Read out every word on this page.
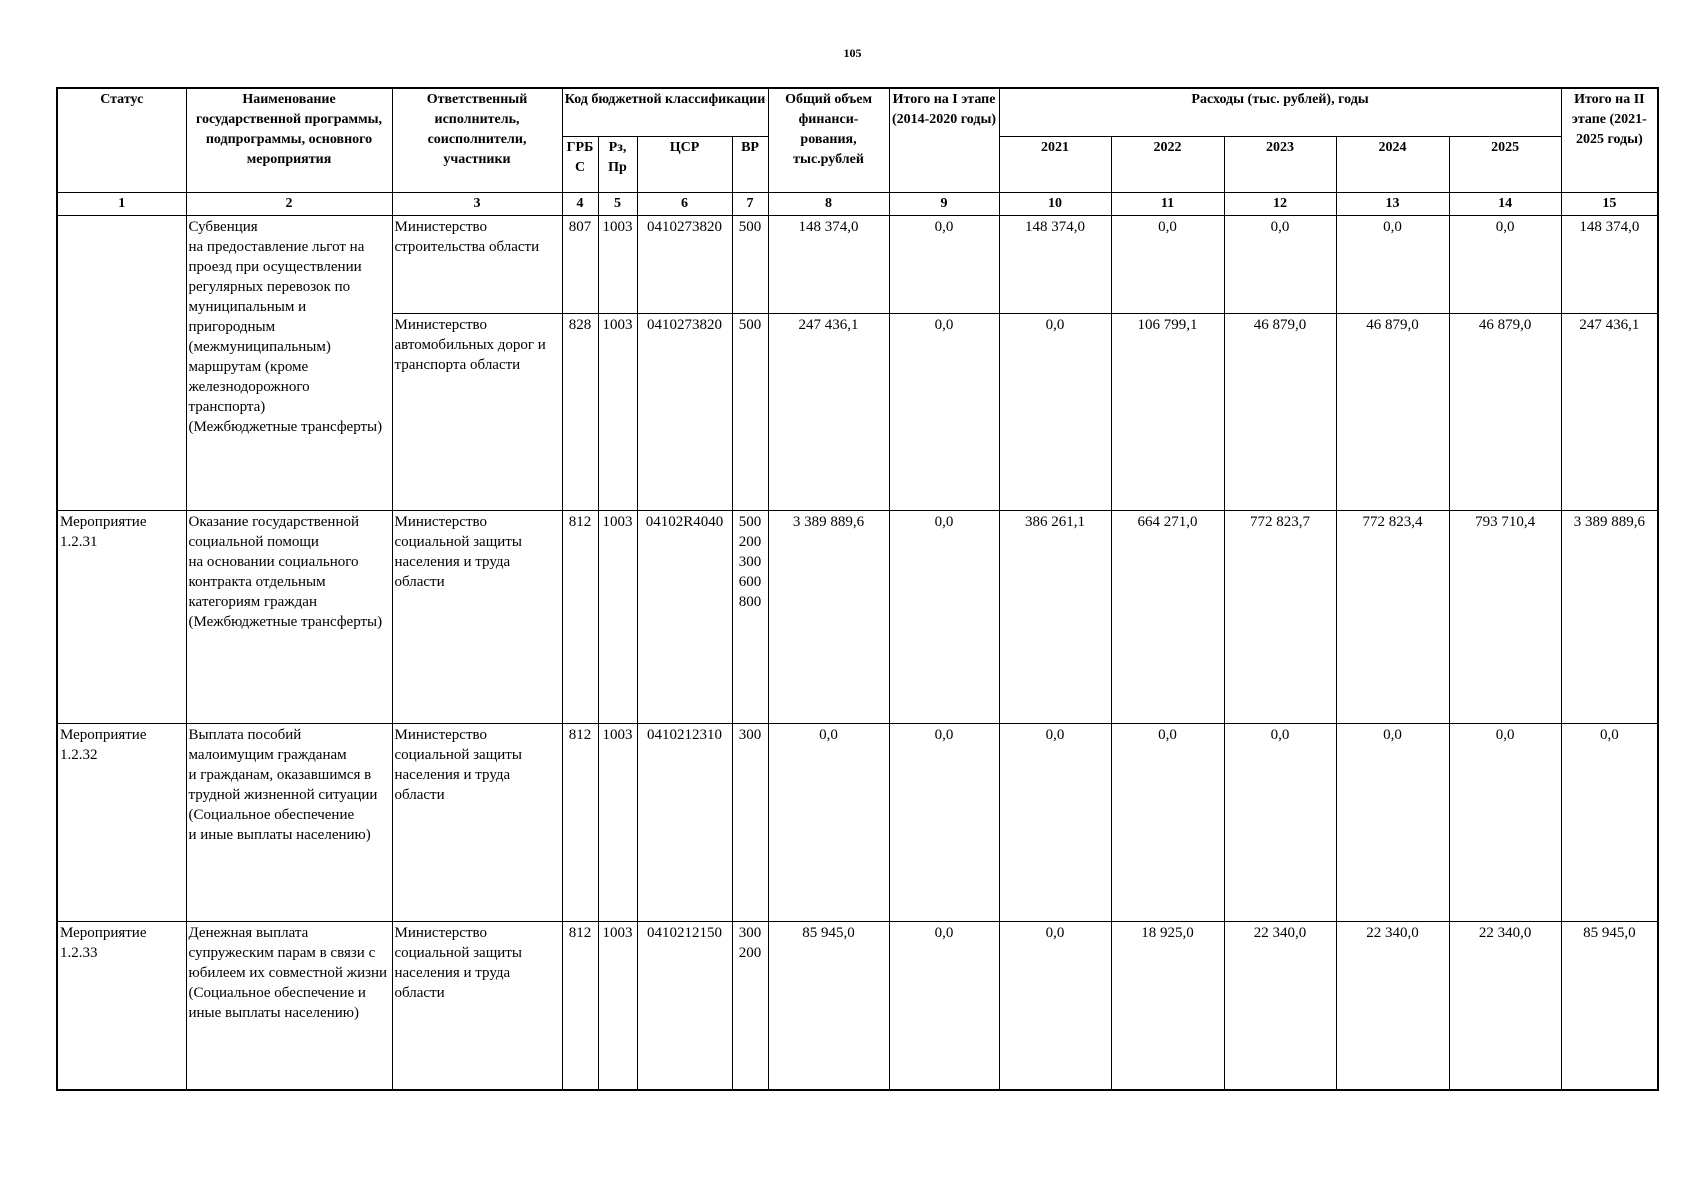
105
Статус	Наименование государственной программы, подпрограммы, основного мероприятия	Ответственный исполнитель, соисполнители, участники	Код бюджетной классификации				Общий объем финанси- рования, тыс.рублей	Итого на I этапе (2014-2020 годы)	Расходы (тыс. рублей), годы					Итого на II этапе (2021- 2025 годы)
			ГРБ С	Рз, Пр	ЦСР	ВР			2021	2022	2023	2024	2025	
1	2	3	4	5	6	7	8	9	10	11	12	13	14	15
	Субвенция
на предоставление льгот на проезд при осуществлении регулярных перевозок по муниципальным и пригородным (межмуниципальным) маршрутам (кроме железнодорожного транспорта)
(Межбюджетные трансферты)	Министерство строительства области	807	1003	0410273820	500	148 374,0	0,0	148 374,0	0,0	0,0	0,0	0,0	148 374,0
		Министерство автомобильных дорог и транспорта области	828	1003	0410273820	500	247 436,1	0,0	0,0	106 799,1	46 879,0	46 879,0	46 879,0	247 436,1
Мероприятие 1.2.31	Оказание государственной социальной помощи
на основании социального контракта отдельным категориям граждан (Межбюджетные трансферты)	Министерство социальной защиты населения и труда области	812	1003	04102R4040	500
200
300
600
800	3 389 889,6	0,0	386 261,1	664 271,0	772 823,7	772 823,4	793 710,4	3 389 889,6
Мероприятие 1.2.32	Выплата пособий малоимущим гражданам
и гражданам, оказавшимся в трудной жизненной ситуации (Социальное обеспечение
и иные выплаты населению)	Министерство социальной защиты населения и труда области	812	1003	0410212310	300	0,0	0,0	0,0	0,0	0,0	0,0	0,0	0,0
Мероприятие 1.2.33	Денежная выплата супружеским парам в связи с юбилеем их совместной жизни (Социальное обеспечение и иные выплаты населению)	Министерство социальной защиты населения и труда области	812	1003	0410212150	300
200	85 945,0	0,0	0,0	18 925,0	22 340,0	22 340,0	22 340,0	85 945,0
